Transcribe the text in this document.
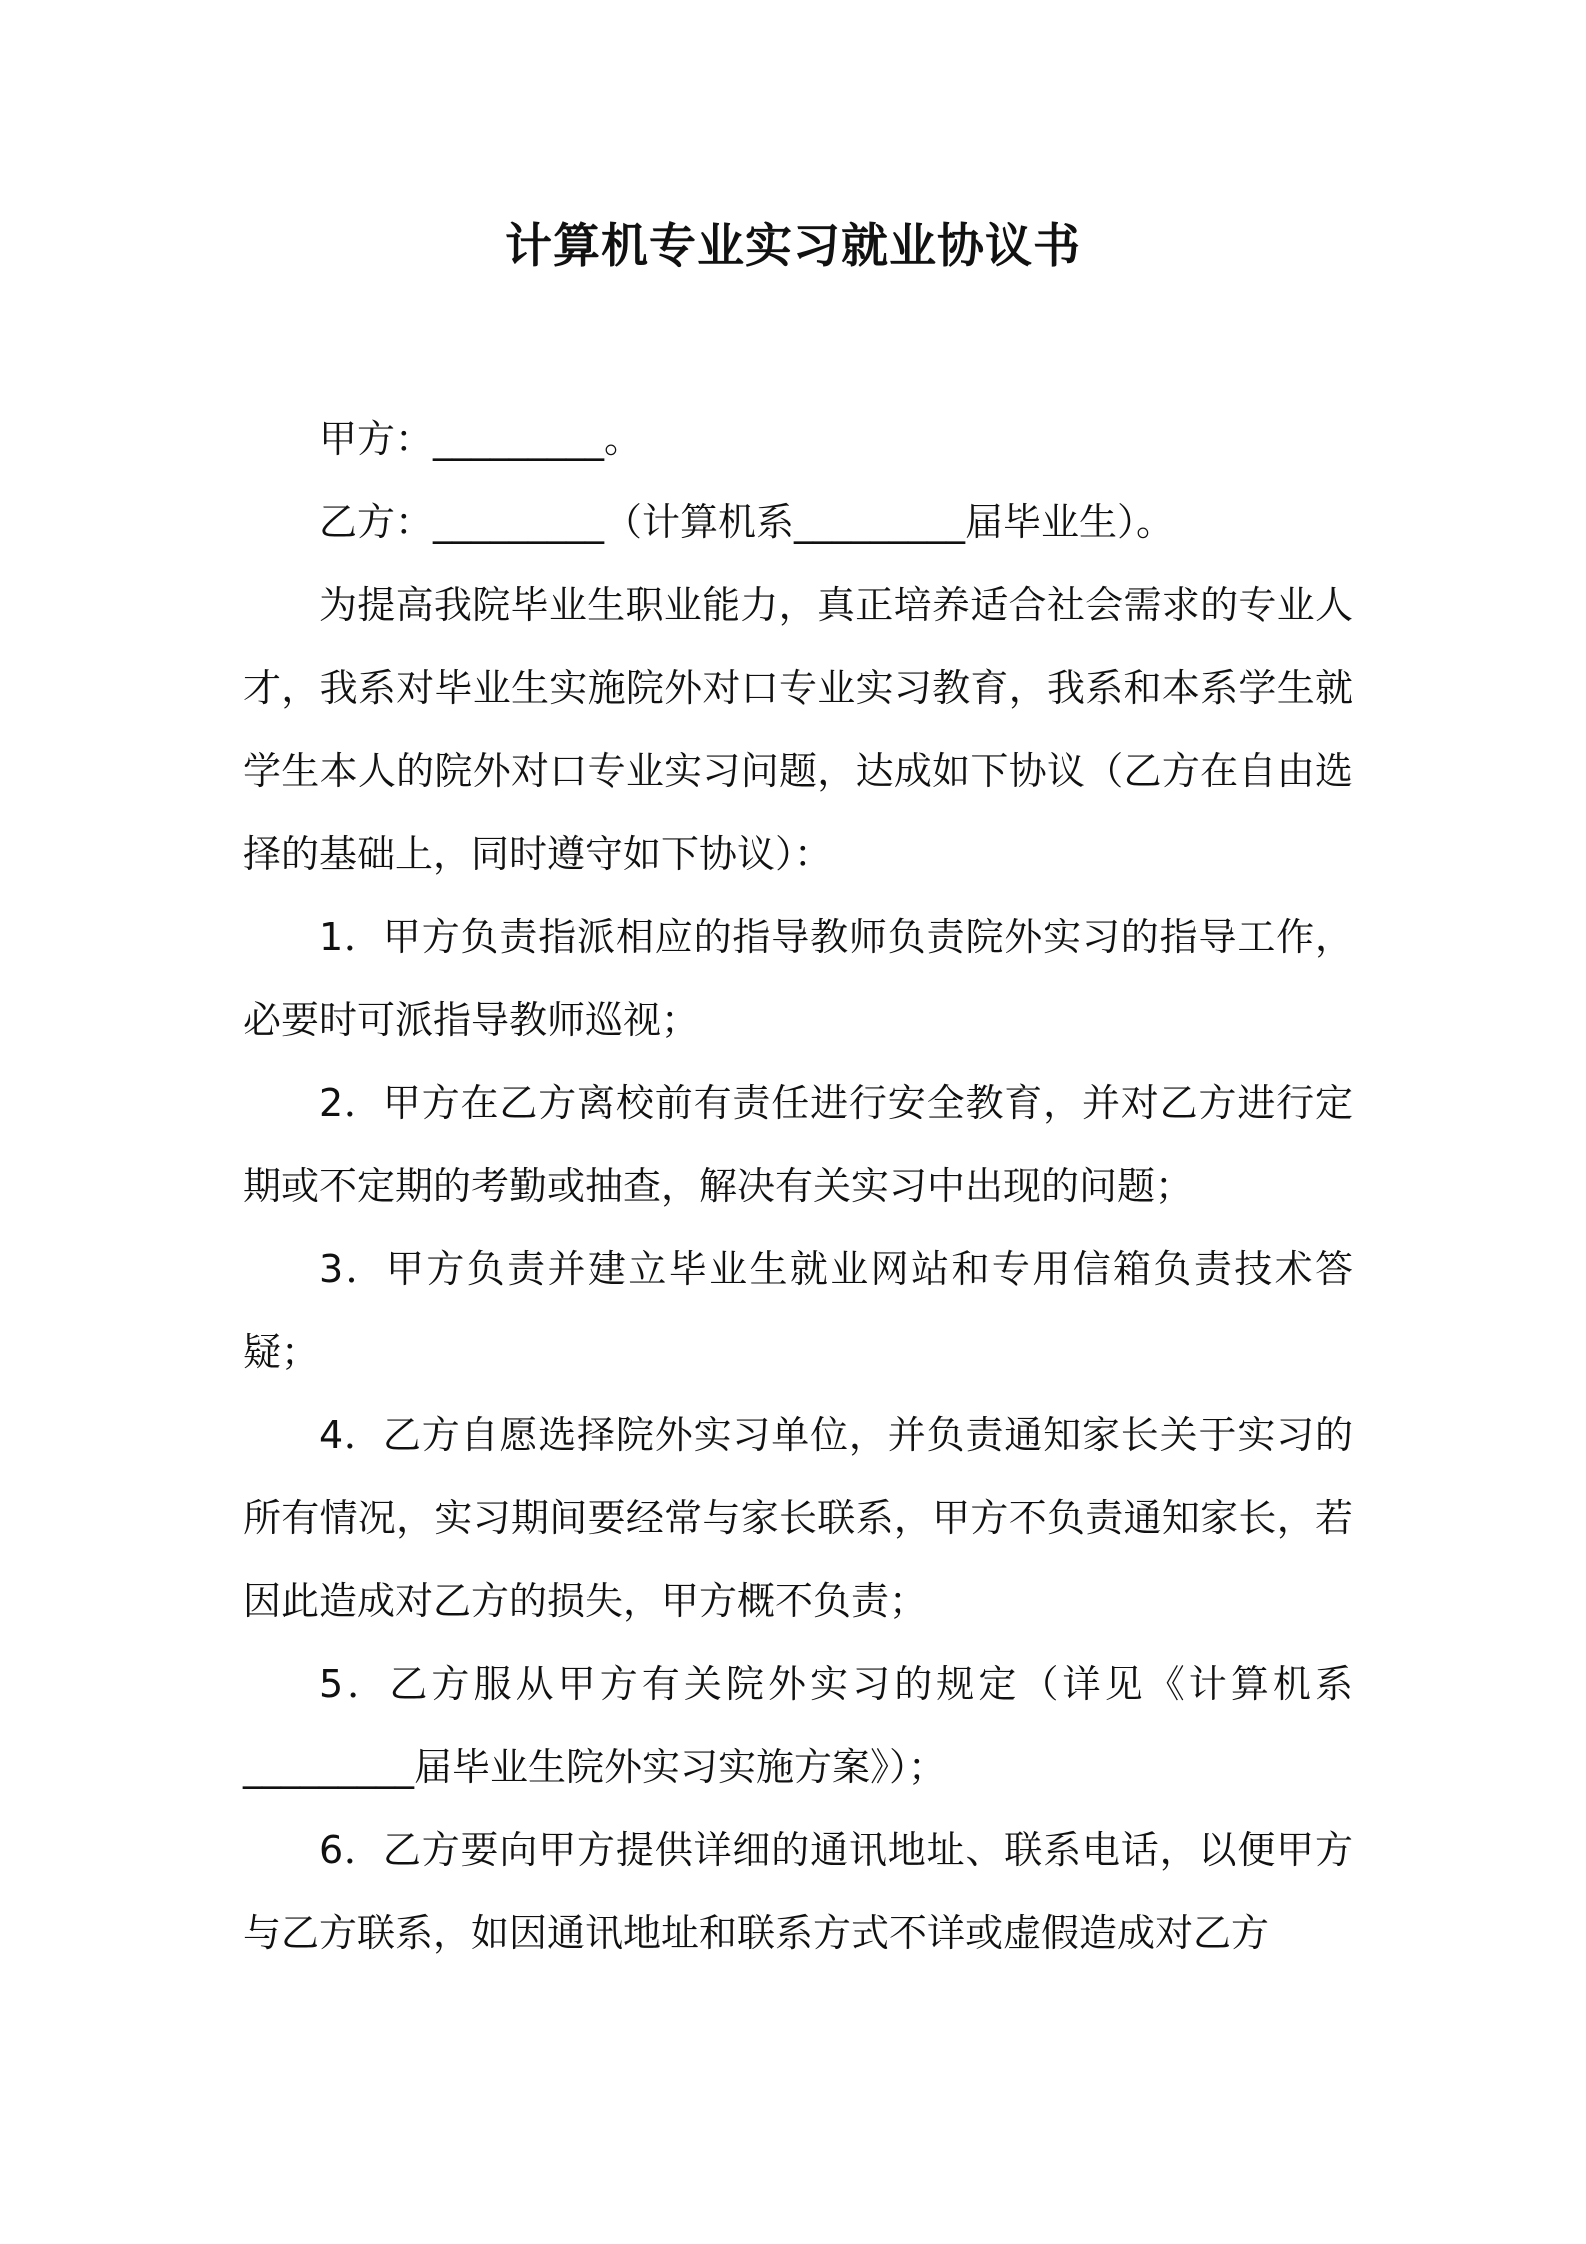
计算机专业实习就业协议书

甲方：_________。

乙方：_________（计算机系_________届毕业生）。

为提高我院毕业生职业能力，真正培养适合社会需求的专业人才，我系对毕业生实施院外对口专业实习教育，我系和本系学生就学生本人的院外对口专业实习问题，达成如下协议（乙方在自由选择的基础上，同时遵守如下协议）：

1．甲方负责指派相应的指导教师负责院外实习的指导工作，必要时可派指导教师巡视；

2．甲方在乙方离校前有责任进行安全教育，并对乙方进行定期或不定期的考勤或抽查，解决有关实习中出现的问题；

3．甲方负责并建立毕业生就业网站和专用信箱负责技术答疑；

4．乙方自愿选择院外实习单位，并负责通知家长关于实习的所有情况，实习期间要经常与家长联系，甲方不负责通知家长，若因此造成对乙方的损失，甲方概不负责；

5．乙方服从甲方有关院外实习的规定（详见《计算机系_________届毕业生院外实习实施方案》）；

6．乙方要向甲方提供详细的通讯地址、联系电话，以便甲方与乙方联系，如因通讯地址和联系方式不详或虚假造成对乙方
